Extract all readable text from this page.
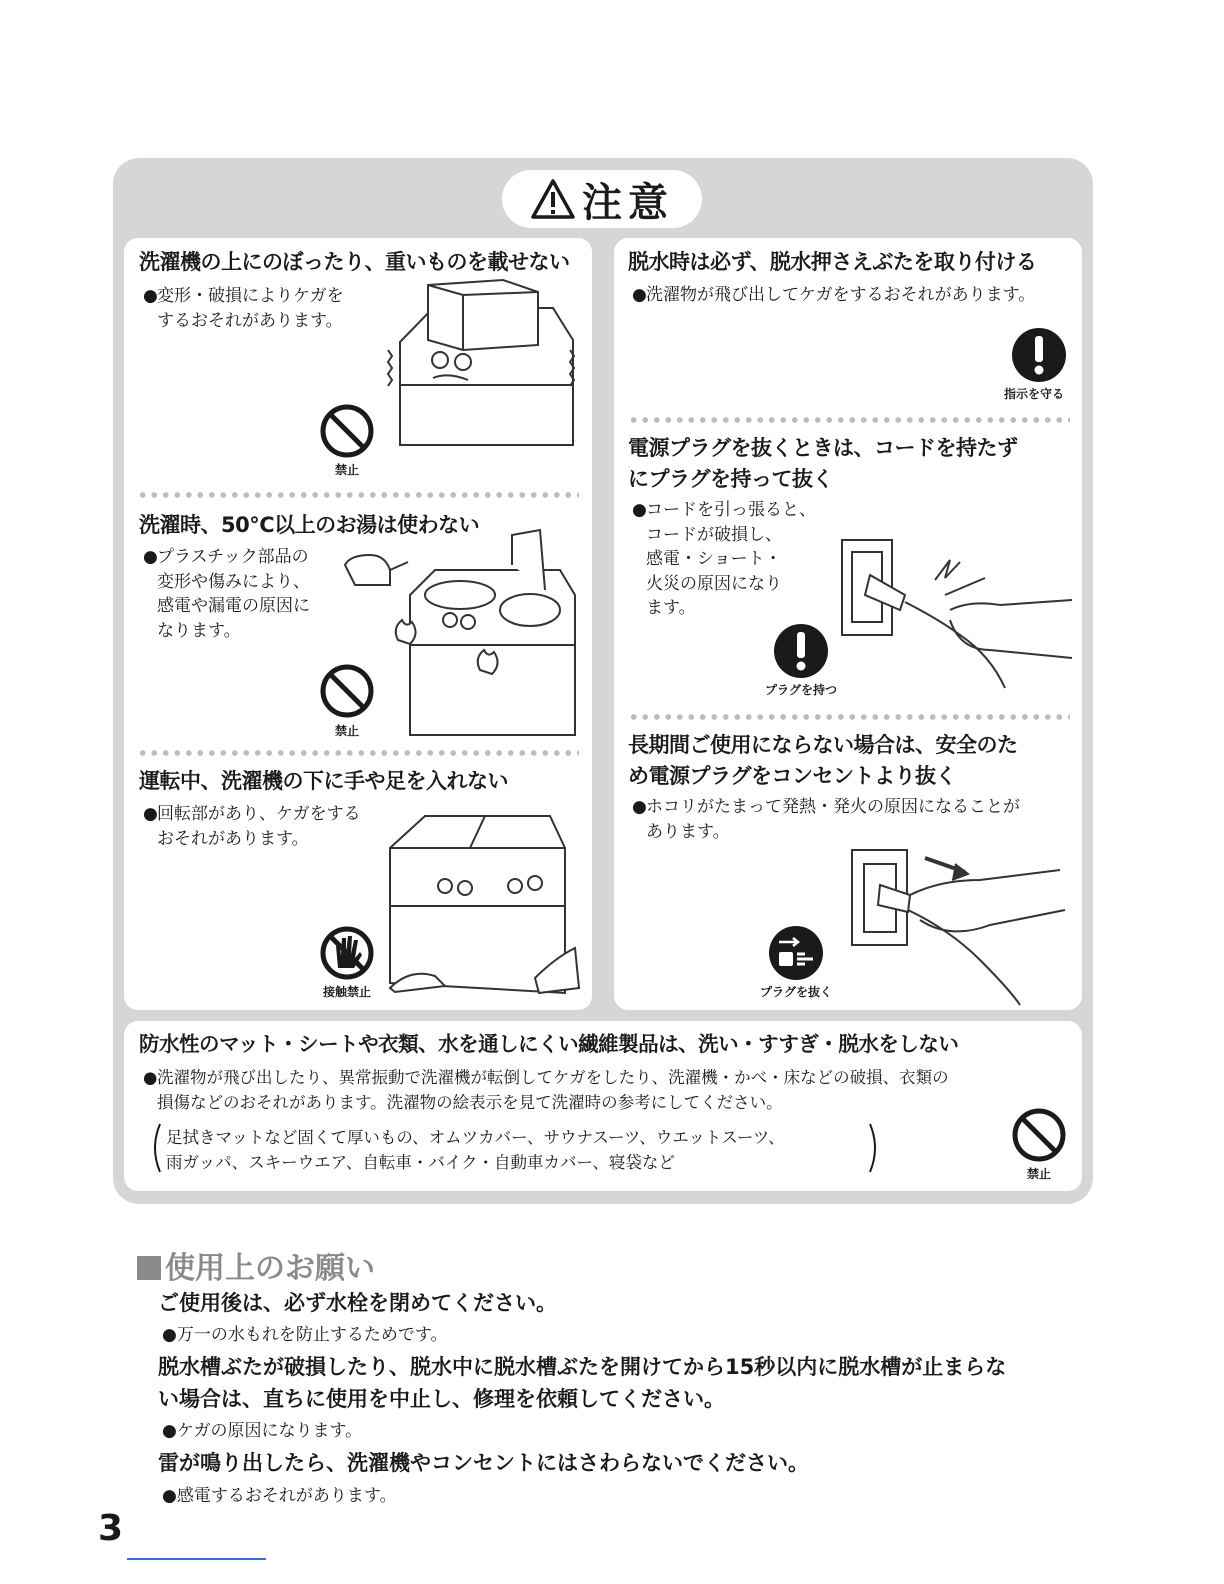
注意
洗濯機の上にのぼったり、重いものを載せない
●変形・破損によりケガを
するおそれがあります。
禁止
洗濯時、50℃以上のお湯は使わない
●プラスチック部品の
変形や傷みにより、
感電や漏電の原因に
なります。
禁止
運転中、洗濯機の下に手や足を入れない
●回転部があり、ケガをする
おそれがあります。
接触禁止
脱水時は必ず、脱水押さえぶたを取り付ける
●洗濯物が飛び出してケガをするおそれがあります。
指示を守る
電源プラグを抜くときは、コードを持たず
にプラグを持って抜く
●コードを引っ張ると、
コードが破損し、
感電・ショート・
火災の原因になり
ます。
プラグを持つ
長期間ご使用にならない場合は、安全のた
め電源プラグをコンセントより抜く
●ホコリがたまって発熱・発火の原因になることが
あります。
プラグを抜く
防水性のマット・シートや衣類、水を通しにくい繊維製品は、洗い・すすぎ・脱水をしない
●洗濯物が飛び出したり、異常振動で洗濯機が転倒してケガをしたり、洗濯機・かべ・床などの破損、衣類の
損傷などのおそれがあります。洗濯物の絵表示を見て洗濯時の参考にしてください。
足拭きマットなど固くて厚いもの、オムツカバー、サウナスーツ、ウエットスーツ、
雨ガッパ、スキーウエア、自転車・バイク・自動車カバー、寝袋など
禁止
使用上のお願い
ご使用後は、必ず水栓を閉めてください。
●万一の水もれを防止するためです。
脱水槽ぶたが破損したり、脱水中に脱水槽ぶたを開けてから15秒以内に脱水槽が止まらな
い場合は、直ちに使用を中止し、修理を依頼してください。
●ケガの原因になります。
雷が鳴り出したら、洗濯機やコンセントにはさわらないでください。
●感電するおそれがあります。
3
